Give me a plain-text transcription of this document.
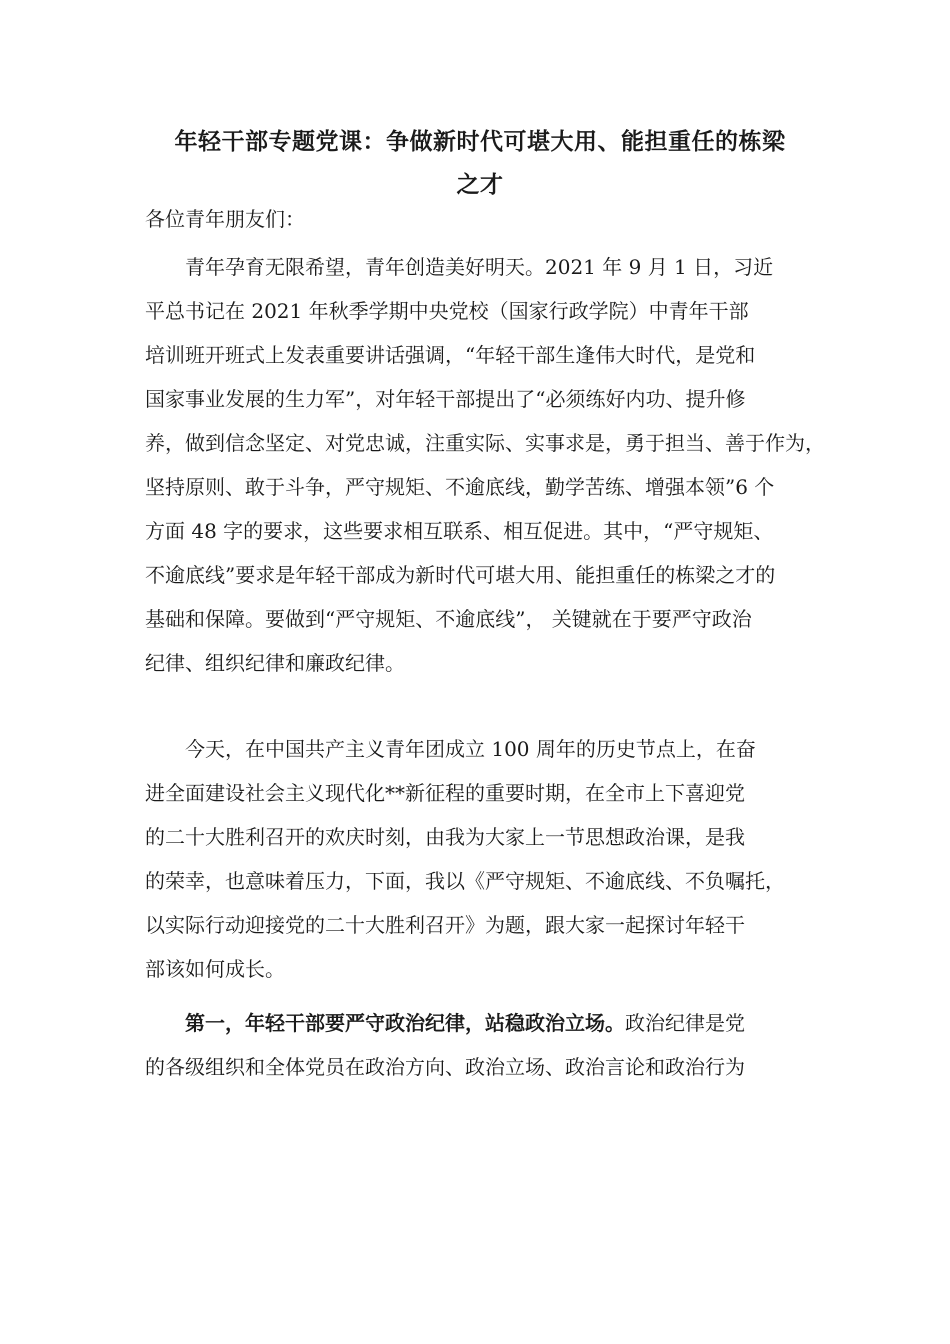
年轻干部专题党课：争做新时代可堪大用、能担重任的栋梁
之才

各位青年朋友们：

　　青年孕育无限希望，青年创造美好明天。2021 年 9 月 1 日，习近
平总书记在 2021 年秋季学期中央党校（国家行政学院）中青年干部
培训班开班式上发表重要讲话强调，“年轻干部生逢伟大时代，是党和
国家事业发展的生力军”，对年轻干部提出了“必须练好内功、提升修
养，做到信念坚定、对党忠诚，注重实际、实事求是，勇于担当、善于作为，
坚持原则、敢于斗争，严守规矩、不逾底线，勤学苦练、增强本领”6 个
方面 48 字的要求，这些要求相互联系、相互促进。其中，“严守规矩、
不逾底线”要求是年轻干部成为新时代可堪大用、能担重任的栋梁之才的
基础和保障。要做到“严守规矩、不逾底线”， 关键就在于要严守政治
纪律、组织纪律和廉政纪律。

　　今天，在中国共产主义青年团成立 100 周年的历史节点上，在奋
进全面建设社会主义现代化**新征程的重要时期，在全市上下喜迎党
的二十大胜利召开的欢庆时刻，由我为大家上一节思想政治课，是我
的荣幸，也意味着压力，下面，我以《严守规矩、不逾底线、不负嘱托，
以实际行动迎接党的二十大胜利召开》为题，跟大家一起探讨年轻干
部该如何成长。

　　第一，年轻干部要严守政治纪律，站稳政治立场。政治纪律是党
的各级组织和全体党员在政治方向、政治立场、政治言论和政治行为
